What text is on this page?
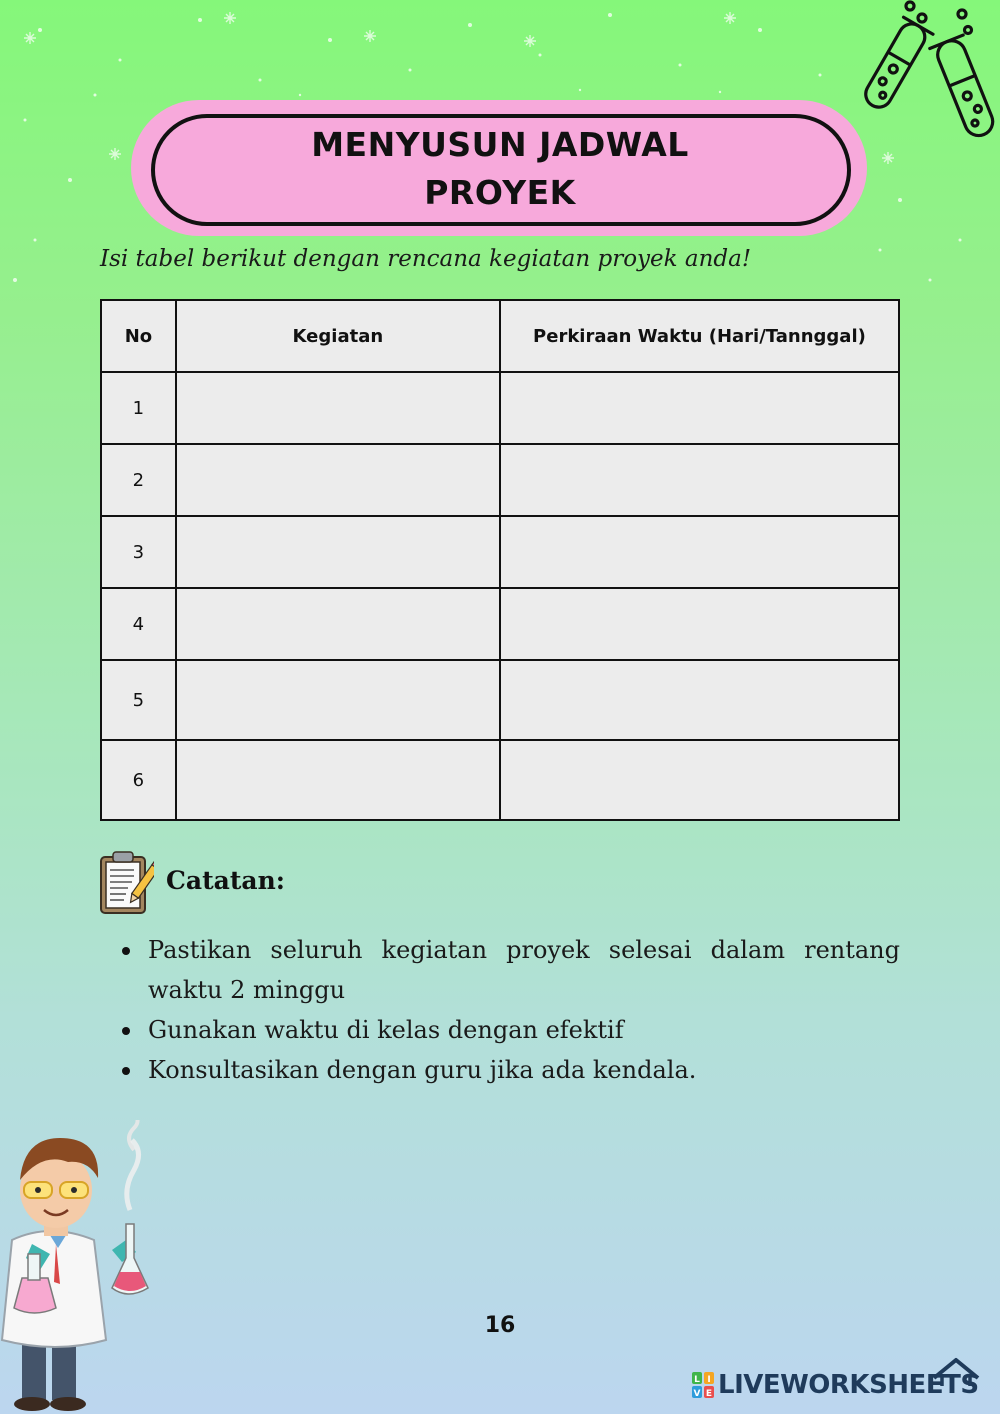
MENYUSUN JADWAL
PROYEK
Isi tabel berikut dengan rencana kegiatan proyek anda!
No	Kegiatan	Perkiraan Waktu (Hari/Tannggal)
1		
2		
3		
4		
5		
6		
Catatan:
Pastikan seluruh kegiatan proyek selesai dalam rentang waktu 2 minggu
Gunakan waktu di kelas dengan efektif
Konsultasikan dengan guru jika ada kendala.
16
L I
V E LIVEWORKSHEETS
